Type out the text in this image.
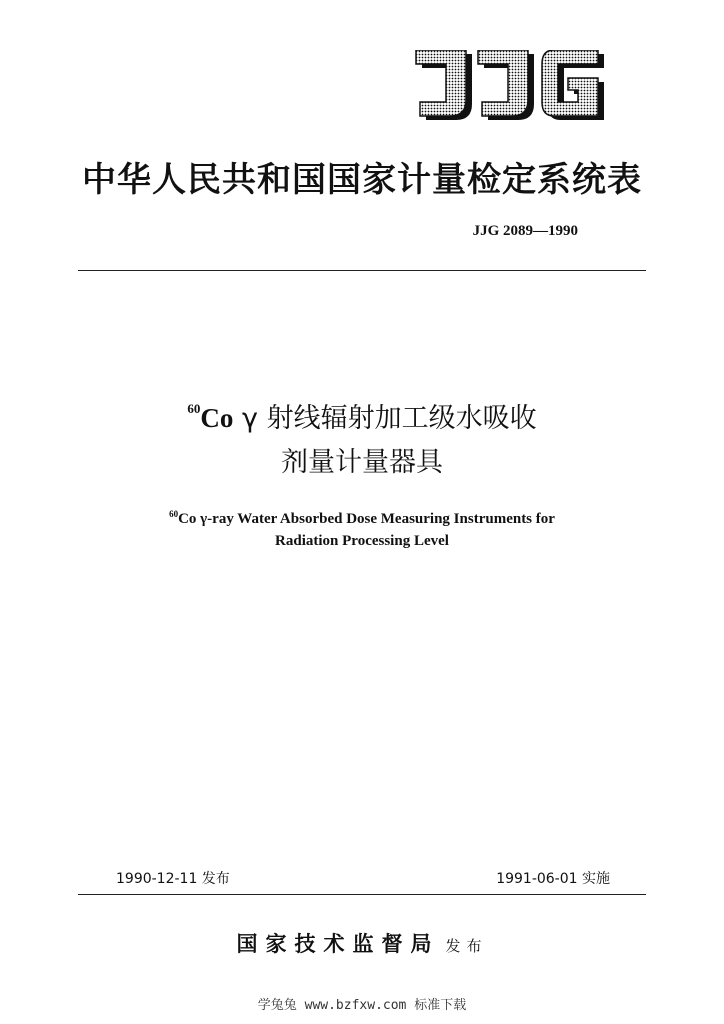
中华人民共和国国家计量检定系统表
JJG 2089—1990
$^{60}$Co γ 射线辐射加工级水吸收
剂量计量器具
$^{60}$Co γ-ray Water Absorbed Dose Measuring Instruments for
Radiation Processing Level
1990-12-11 发布	1991-06-01 实施
国家技术监督局 发布
学兔兔 www.bzfxw.com 标准下载
